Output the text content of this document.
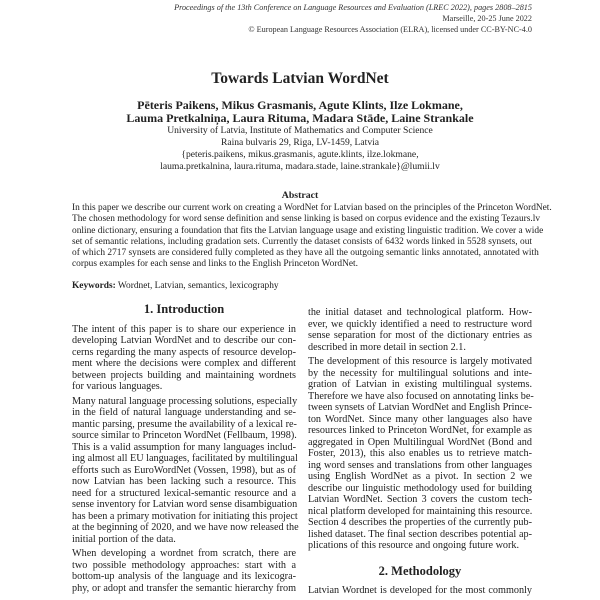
Proceedings of the 13th Conference on Language Resources and Evaluation (LREC 2022), pages 2808–2815
Marseille, 20-25 June 2022
© European Language Resources Association (ELRA), licensed under CC-BY-NC-4.0
Towards Latvian WordNet
Pēteris Paikens, Mikus Grasmanis, Agute Klints, Ilze Lokmane,
Lauma Pretkalniņa, Laura Rituma, Madara Stāde, Laine Strankale
University of Latvia, Institute of Mathematics and Computer Science
Raina bulvaris 29, Riga, LV-1459, Latvia
{peteris.paikens, mikus.grasmanis, agute.klints, ilze.lokmane,
lauma.pretkalnina, laura.rituma, madara.stade, laine.strankale}@lumii.lv
Abstract
In this paper we describe our current work on creating a WordNet for Latvian based on the principles of the Princeton WordNet.
The chosen methodology for word sense definition and sense linking is based on corpus evidence and the existing Tezaurs.lv
online dictionary, ensuring a foundation that fits the Latvian language usage and existing linguistic tradition. We cover a wide
set of semantic relations, including gradation sets. Currently the dataset consists of 6432 words linked in 5528 synsets, out
of which 2717 synsets are considered fully completed as they have all the outgoing semantic links annotated, annotated with
corpus examples for each sense and links to the English Princeton WordNet.
Keywords: Wordnet, Latvian, semantics, lexicography
1. Introduction
The intent of this paper is to share our experience in
developing Latvian WordNet and to describe our con-
cerns regarding the many aspects of resource develop-
ment where the decisions were complex and different
between projects building and maintaining wordnets
for various languages.
Many natural language processing solutions, especially
in the field of natural language understanding and se-
mantic parsing, presume the availability of a lexical re-
source similar to Princeton WordNet (Fellbaum, 1998).
This is a valid assumption for many languages includ-
ing almost all EU languages, facilitated by multilingual
efforts such as EuroWordNet (Vossen, 1998), but as of
now Latvian has been lacking such a resource. This
need for a structured lexical-semantic resource and a
sense inventory for Latvian word sense disambiguation
has been a primary motivation for initiating this project
at the beginning of 2020, and we have now released the
initial portion of the data.
When developing a wordnet from scratch, there are
two possible methodology approaches: start with a
bottom-up analysis of the language and its lexicogra-
phy, or adopt and transfer the semantic hierarchy from
the initial dataset and technological platform. How-
ever, we quickly identified a need to restructure word
sense separation for most of the dictionary entries as
described in more detail in section 2.1.
The development of this resource is largely motivated
by the necessity for multilingual solutions and inte-
gration of Latvian in existing multilingual systems.
Therefore we have also focused on annotating links be-
tween synsets of Latvian WordNet and English Prince-
ton WordNet. Since many other languages also have
resources linked to Princeton WordNet, for example as
aggregated in Open Multilingual WordNet (Bond and
Foster, 2013), this also enables us to retrieve match-
ing word senses and translations from other languages
using English WordNet as a pivot. In section 2 we
describe our linguistic methodology used for building
Latvian WordNet. Section 3 covers the custom tech-
nical platform developed for maintaining this resource.
Section 4 describes the properties of the currently pub-
lished dataset. The final section describes potential ap-
plications of this resource and ongoing future work.
2. Methodology
Latvian Wordnet is developed for the most commonly
